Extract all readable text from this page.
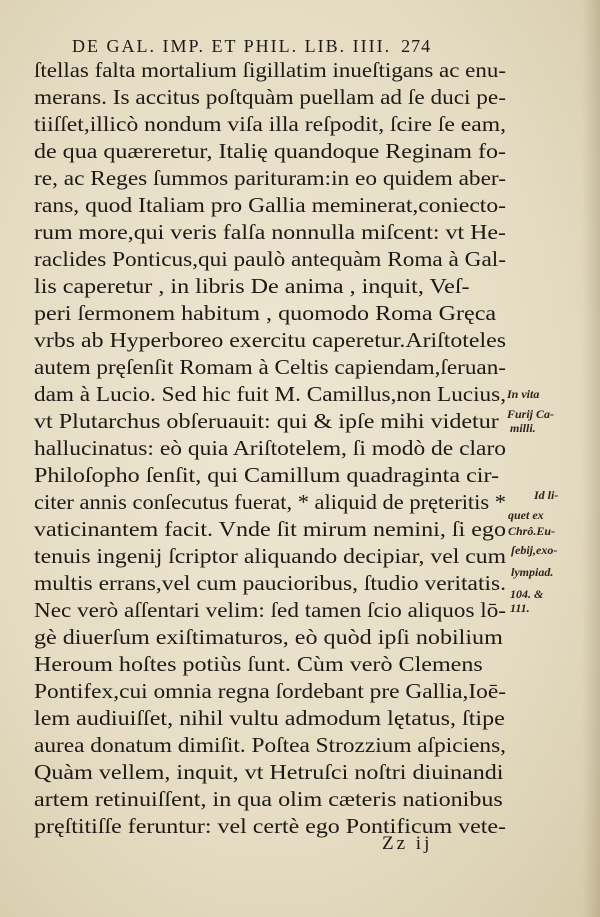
DE GAL. IMP. ET PHIL. LIB. IIII. 274
ſtellas falta mortalium ſigillatim inueſtigans ac enu-
merans. Is accitus poſtquàm puellam ad ſe duci pe-
tiiſſet,illicò nondum viſa illa reſpodit, ſcire ſe eam,
de qua quæreretur, Italię quandoque Reginam fo-
re, ac Reges ſummos parituram:in eo quidem aber-
rans, quod Italiam pro Gallia meminerat,coniecto-
rum more,qui veris falſa nonnulla miſcent: vt He-
raclides Ponticus,qui paulò antequàm Roma à Gal-
lis caperetur , in libris De anima , inquit, Veſ-
peri ſermonem habitum , quomodo Roma Gręca
vrbs ab Hyperboreo exercitu caperetur.Ariſtoteles
autem pręſenſit Romam à Celtis capiendam,ſeruan-
dam à Lucio. Sed hic fuit M. Camillus,non Lucius,
vt Plutarchus obſeruauit: qui & ipſe mihi videtur
hallucinatus: eò quia Ariſtotelem, ſi modò de claro
Philoſopho ſenſit, qui Camillum quadraginta cir-
citer annis conſecutus fuerat, * aliquid de pręteritis *
vaticinantem facit. Vnde ſit mirum nemini, ſi ego
tenuis ingenij ſcriptor aliquando decipiar, vel cum
multis errans,vel cum paucioribus, ſtudio veritatis.
Nec verò aſſentari velim: ſed tamen ſcio aliquos lō-
gè diuerſum exiſtimaturos, eò quòd ipſi nobilium
Heroum hoſtes potiùs ſunt. Cùm verò Clemens
Pontifex,cui omnia regna ſordebant pre Gallia,Ioē-
lem audiuiſſet, nihil vultu admodum lętatus, ſtipe
aurea donatum dimiſit. Poſtea Strozzium aſpiciens,
Quàm vellem, inquit, vt Hetruſci noſtri diuinandi
artem retinuiſſent, in qua olim cæteris nationibus
pręſtitiſſe feruntur: vel certè ego Pontificum vete-
In vita
Furij Ca-
milli.
Id li-
quet ex
Chrô.Eu-
ſebij,exo-
lympiad.
104. &
111.
Zz ij
